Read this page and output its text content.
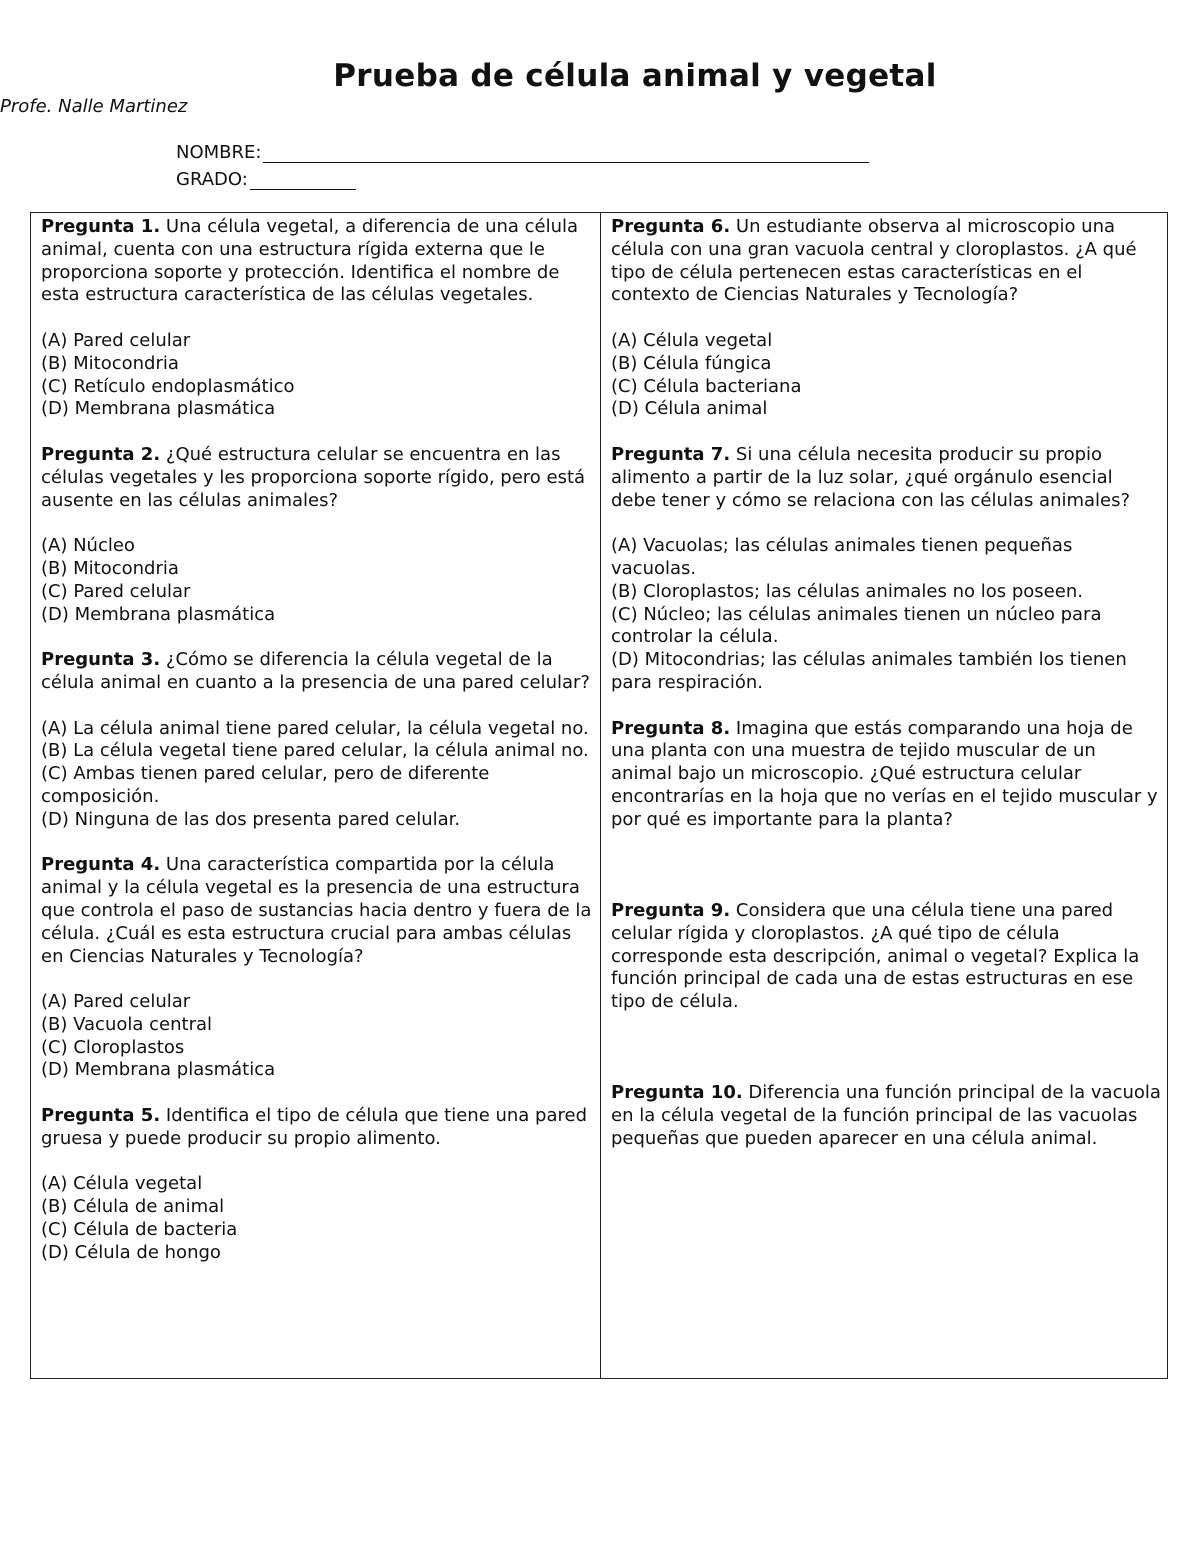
Prueba de célula animal y vegetal

Profe. Nalle Martinez

NOMBRE:
GRADO:

Pregunta 1. Una célula vegetal, a diferencia de una célula animal, cuenta con una estructura rígida externa que le proporciona soporte y protección. Identifica el nombre de esta estructura característica de las células vegetales.

(A) Pared celular
(B) Mitocondria
(C) Retículo endoplasmático
(D) Membrana plasmática

Pregunta 2. ¿Qué estructura celular se encuentra en las células vegetales y les proporciona soporte rígido, pero está ausente en las células animales?

(A) Núcleo
(B) Mitocondria
(C) Pared celular
(D) Membrana plasmática

Pregunta 3. ¿Cómo se diferencia la célula vegetal de la célula animal en cuanto a la presencia de una pared celular?

(A) La célula animal tiene pared celular, la célula vegetal no.
(B) La célula vegetal tiene pared celular, la célula animal no.
(C) Ambas tienen pared celular, pero de diferente composición.
(D) Ninguna de las dos presenta pared celular.

Pregunta 4. Una característica compartida por la célula animal y la célula vegetal es la presencia de una estructura que controla el paso de sustancias hacia dentro y fuera de la célula. ¿Cuál es esta estructura crucial para ambas células en Ciencias Naturales y Tecnología?

(A) Pared celular
(B) Vacuola central
(C) Cloroplastos
(D) Membrana plasmática

Pregunta 5. Identifica el tipo de célula que tiene una pared gruesa y puede producir su propio alimento.

(A) Célula vegetal
(B) Célula de animal
(C) Célula de bacteria
(D) Célula de hongo

Pregunta 6. Un estudiante observa al microscopio una célula con una gran vacuola central y cloroplastos. ¿A qué tipo de célula pertenecen estas características en el contexto de Ciencias Naturales y Tecnología?

(A) Célula vegetal
(B) Célula fúngica
(C) Célula bacteriana
(D) Célula animal

Pregunta 7. Si una célula necesita producir su propio alimento a partir de la luz solar, ¿qué orgánulo esencial debe tener y cómo se relaciona con las células animales?

(A) Vacuolas; las células animales tienen pequeñas vacuolas.
(B) Cloroplastos; las células animales no los poseen.
(C) Núcleo; las células animales tienen un núcleo para controlar la célula.
(D) Mitocondrias; las células animales también los tienen para respiración.

Pregunta 8. Imagina que estás comparando una hoja de una planta con una muestra de tejido muscular de un animal bajo un microscopio. ¿Qué estructura celular encontrarías en la hoja que no verías en el tejido muscular y por qué es importante para la planta?

Pregunta 9. Considera que una célula tiene una pared celular rígida y cloroplastos. ¿A qué tipo de célula corresponde esta descripción, animal o vegetal? Explica la función principal de cada una de estas estructuras en ese tipo de célula.

Pregunta 10. Diferencia una función principal de la vacuola en la célula vegetal de la función principal de las vacuolas pequeñas que pueden aparecer en una célula animal.
